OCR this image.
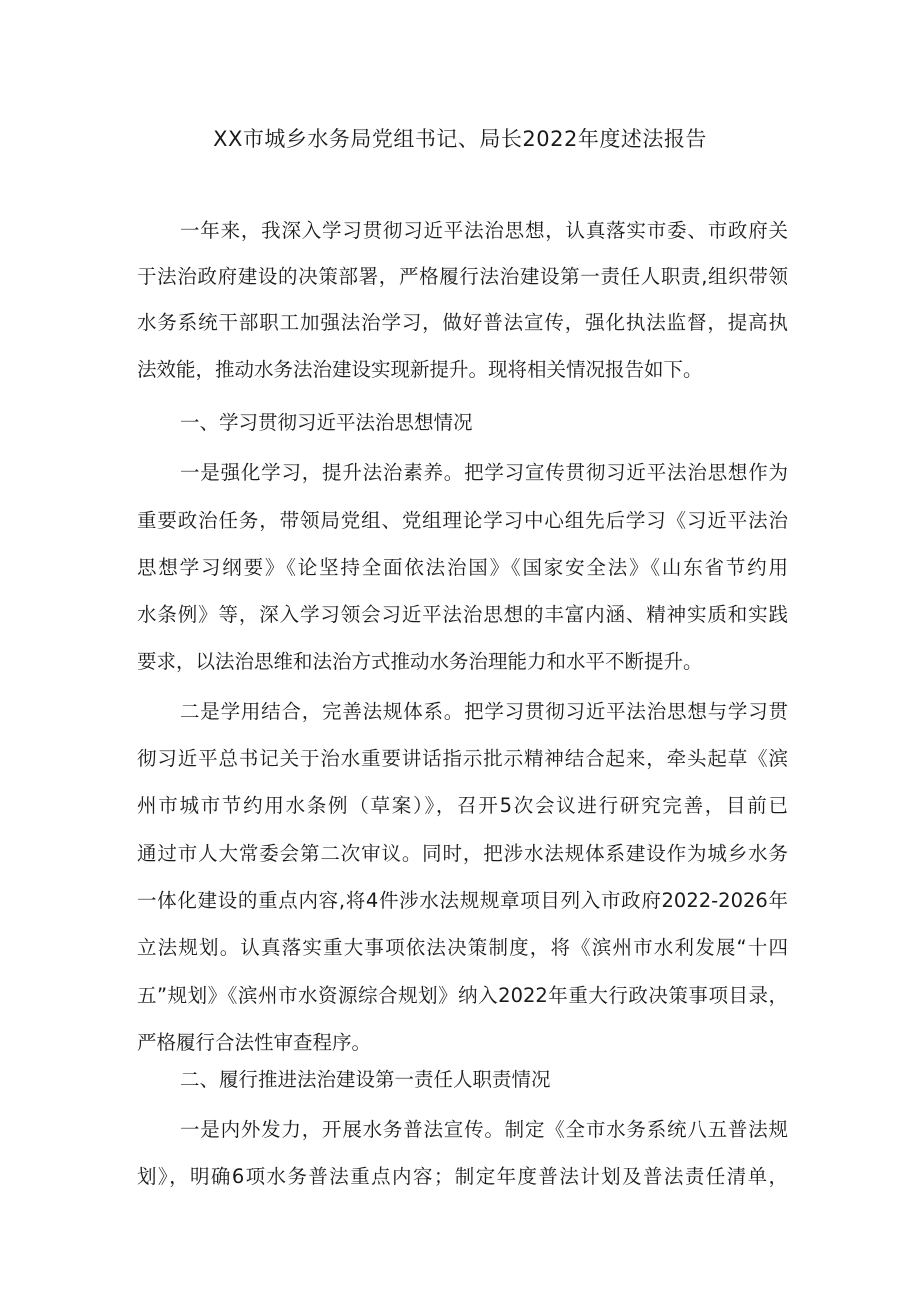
XX市城乡水务局党组书记、局长2022年度述法报告

一年来，我深入学习贯彻习近平法治思想，认真落实市委、市政府关

于法治政府建设的决策部署，严格履行法治建设第一责任人职责,组织带领

水务系统干部职工加强法治学习，做好普法宣传，强化执法监督，提高执

法效能，推动水务法治建设实现新提升。现将相关情况报告如下。

一、学习贯彻习近平法治思想情况

一是强化学习，提升法治素养。把学习宣传贯彻习近平法治思想作为

重要政治任务，带领局党组、党组理论学习中心组先后学习《习近平法治

思想学习纲要》《论坚持全面依法治国》《国家安全法》《山东省节约用

水条例》等，深入学习领会习近平法治思想的丰富内涵、精神实质和实践

要求，以法治思维和法治方式推动水务治理能力和水平不断提升。

二是学用结合，完善法规体系。把学习贯彻习近平法治思想与学习贯

彻习近平总书记关于治水重要讲话指示批示精神结合起来，牵头起草《滨

州市城市节约用水条例（草案）》，召开5次会议进行研究完善，目前已

通过市人大常委会第二次审议。同时，把涉水法规体系建设作为城乡水务

一体化建设的重点内容,将4件涉水法规规章项目列入市政府2022-2026年

立法规划。认真落实重大事项依法决策制度，将《滨州市水利发展“十四

五”规划》《滨州市水资源综合规划》纳入2022年重大行政决策事项目录，

严格履行合法性审查程序。

二、履行推进法治建设第一责任人职责情况

一是内外发力，开展水务普法宣传。制定《全市水务系统八五普法规

划》，明确6项水务普法重点内容；制定年度普法计划及普法责任清单，
